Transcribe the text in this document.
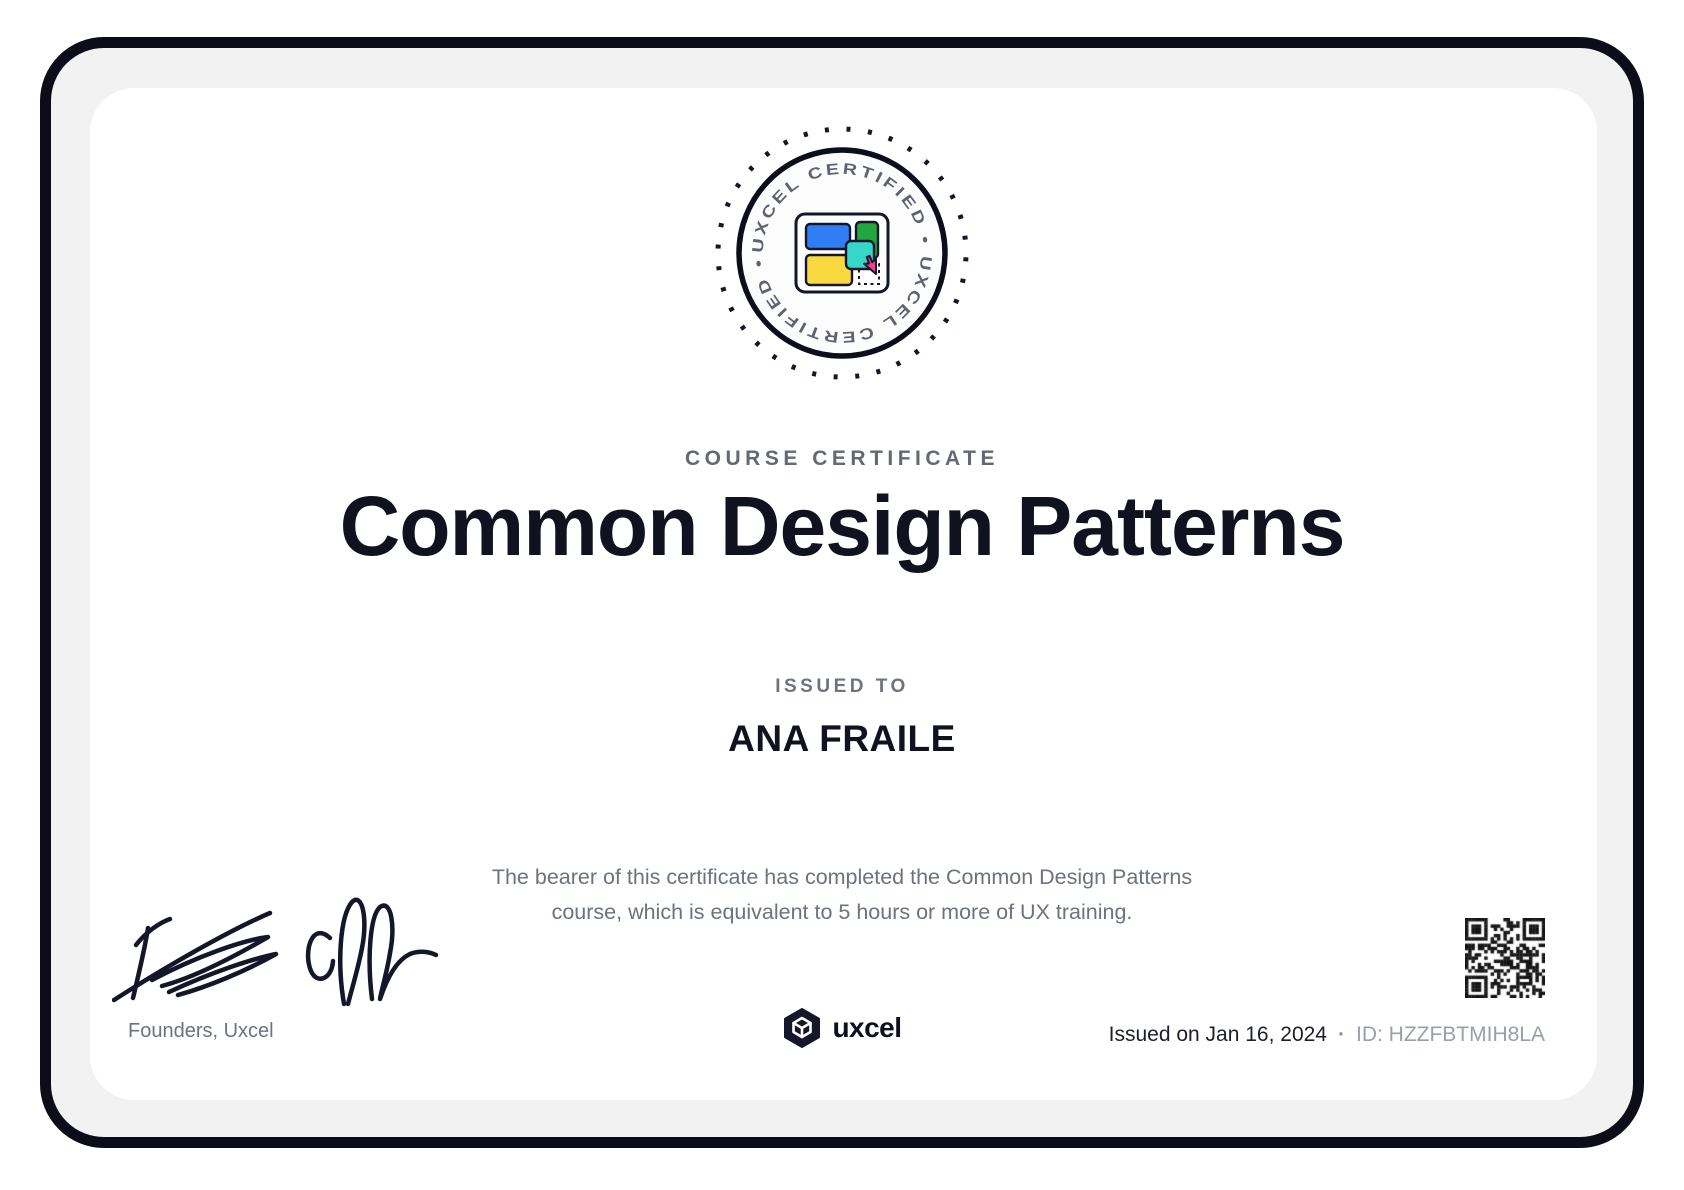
UXCEL CERTIFIED • UXCEL CERTIFIED •
COURSE CERTIFICATE
Common Design Patterns
ISSUED TO
ANA FRAILE
The bearer of this certificate has completed the Common Design Patterns
course, which is equivalent to 5 hours or more of UX training.
Founders, Uxcel	uxcel	Issued on Jan 16, 2024 · ID: HZZFBTMIH8LA
